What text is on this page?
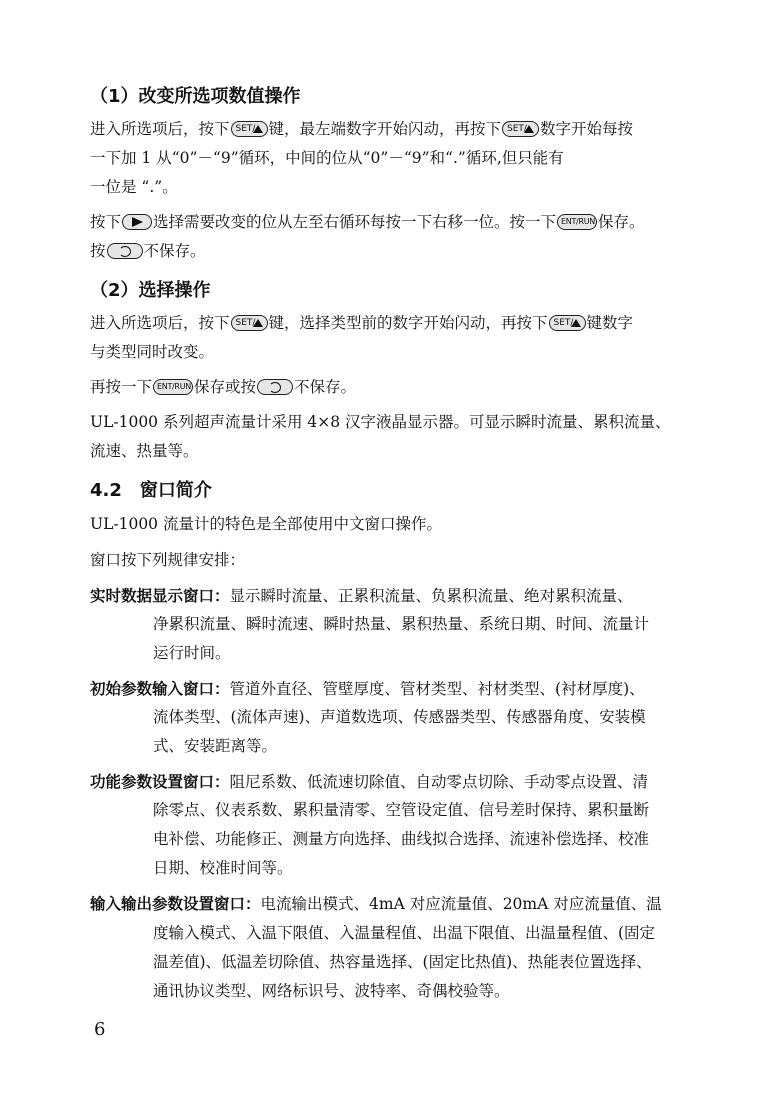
（1）改变所选项数值操作
进入所选项后，按下 SET/ 键，最左端数字开始闪动，再按下 SET/ 数字开始每按
一下加 1 从“0”－“9”循环，中间的位从“0”－“9”和“.”循环,但只能有
一位是 “.”。
按下 选择需要改变的位从左至右循环每按一下右移一位。按一下 ENT/RUN 保存。
按 不保存。
（2）选择操作
进入所选项后，按下 SET/ 键，选择类型前的数字开始闪动，再按下 SET/ 键数字
与类型同时改变。
再按一下 ENT/RUN 保存或按 不保存。
UL-1000 系列超声流量计采用 4×8 汉字液晶显示器。可显示瞬时流量、累积流量、
流速、热量等。
4.2　窗口简介
UL-1000 流量计的特色是全部使用中文窗口操作。
窗口按下列规律安排：
实时数据显示窗口：显示瞬时流量、正累积流量、负累积流量、绝对累积流量、
净累积流量、瞬时流速、瞬时热量、累积热量、系统日期、时间、流量计
运行时间。
初始参数输入窗口：管道外直径、管壁厚度、管材类型、衬材类型、(衬材厚度)、
流体类型、(流体声速)、声道数选项、传感器类型、传感器角度、安装模
式、安装距离等。
功能参数设置窗口：阻尼系数、低流速切除值、自动零点切除、手动零点设置、清
除零点、仪表系数、累积量清零、空管设定值、信号差时保持、累积量断
电补偿、功能修正、测量方向选择、曲线拟合选择、流速补偿选择、校准
日期、校准时间等。
输入输出参数设置窗口：电流输出模式、4mA 对应流量值、20mA 对应流量值、温
度输入模式、入温下限值、入温量程值、出温下限值、出温量程值、(固定
温差值)、低温差切除值、热容量选择、(固定比热值)、热能表位置选择、
通讯协议类型、网络标识号、波特率、奇偶校验等。
6
